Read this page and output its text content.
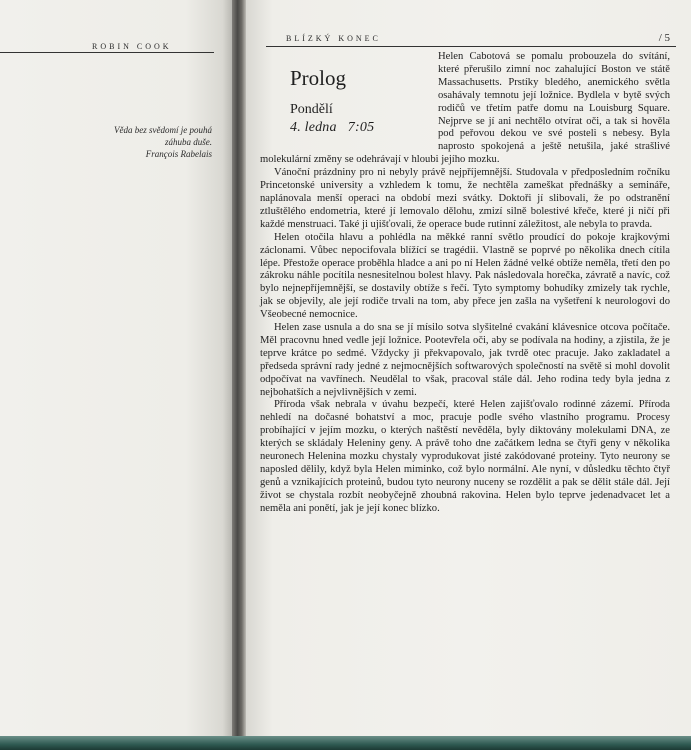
ROBIN COOK
Věda bez svědomí je pouhá
záhuba duše.
François Rabelais
BLÍZKÝ KONEC	/ 5

Helen Cabotová se pomalu probouzela do svítání, které přerušilo zimní noc zahalující Boston ve státě Massachusetts. Prstíky bledého, anemického světla osahávaly temnotu její ložnice. Bydlela v bytě svých rodičů ve třetím patře domu na Louisburg Square. Nejprve se jí ani nechtělo otvírat oči, a tak si hověla pod peřovou dekou ve své posteli s nebesy. Byla naprosto spokojená a ještě netušila, jaké strašlivé molekulární změny se odehrávají v hloubi jejího mozku.

Vánoční prázdniny pro ni nebyly právě nejpříjemnější. Studovala v předposledním ročníku Princetonské university a vzhledem k tomu, že nechtěla zameškat přednášky a semináře, naplánovala menší operaci na období mezi svátky. Doktoři jí slibovali, že po odstranění ztluštělého endometria, které jí lemovalo dělohu, zmizí silně bolestivé křeče, které ji ničí při každé menstruaci. Také ji ujišťovali, že operace bude rutinní záležitost, ale nebyla to pravda.

Helen otočila hlavu a pohlédla na měkké ranní světlo proudící do pokoje krajkovými záclonami. Vůbec nepocifovala blížící se tragédii. Vlastně se poprvé po několika dnech cítila lépe. Přestože operace proběhla hladce a ani po ní Helen žádné velké obtíže neměla, třetí den po zákroku náhle pocítila nesnesitelnou bolest hlavy. Pak následovala horečka, závratě a navíc, což bylo nejnepříjemnější, se dostavily obtíže s řečí. Tyto symptomy bohudíky zmizely tak rychle, jak se objevily, ale její rodiče trvali na tom, aby přece jen zašla na vyšetření k neurologovi do Všeobecné nemocnice.

Helen zase usnula a do sna se jí mísilo sotva slyšitelné cvakání klávesnice otcova počítače. Měl pracovnu hned vedle její ložnice. Pootevřela oči, aby se podívala na hodiny, a zjistila, že je teprve krátce po sedmé. Vždycky ji překvapovalo, jak tvrdě otec pracuje. Jako zakladatel a předseda správní rady jedné z nejmocnějších softwarových společností na světě si mohl dovolit odpočívat na vavřínech. Neudělal to však, pracoval stále dál. Jeho rodina tedy byla jedna z nejbohatších a nejvlivnějších v zemi.

Příroda však nebrala v úvahu bezpečí, které Helen zajišťovalo rodinné zázemí. Příroda nehledí na dočasné bohatství a moc, pracuje podle svého vlastního programu. Procesy probíhající v jejím mozku, o kterých naštěstí nevěděla, byly diktovány molekulami DNA, ze kterých se skládaly Heleniny geny. A právě toho dne začátkem ledna se čtyři geny v několika neuronech Helenina mozku chystaly vyprodukovat jisté zakódované proteiny. Tyto neurony se naposled dělily, když byla Helen miminko, což bylo normální. Ale nyní, v důsledku těchto čtyř genů a vznikajících proteinů, budou tyto neurony nuceny se rozdělit a pak se dělit stále dál. Její život se chystala rozbít neobyčejně zhoubná rakovina. Helen bylo teprve jedenadvacet let a neměla ani ponětí, jak je její konec blízko.

Prolog
Pondělí
4. ledna   7:05
